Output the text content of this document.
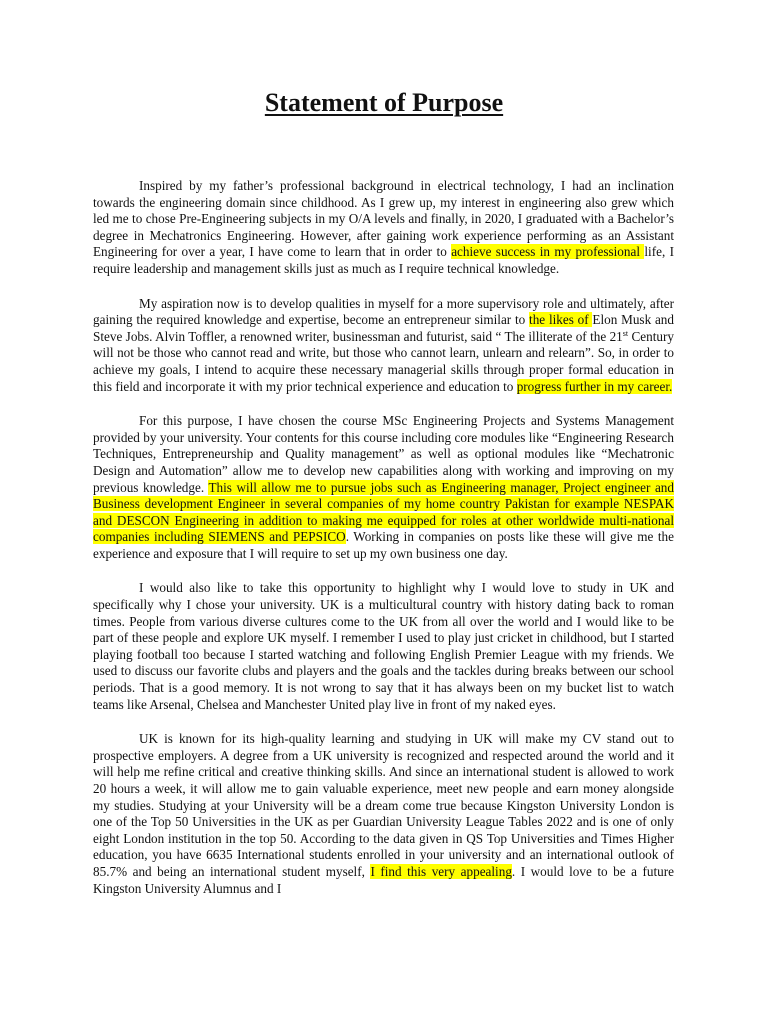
Statement of Purpose

Inspired by my father’s professional background in electrical technology, I had an inclination towards the engineering domain since childhood. As I grew up, my interest in engineering also grew which led me to chose Pre-Engineering subjects in my O/A levels and finally, in 2020, I graduated with a Bachelor’s degree in Mechatronics Engineering. However, after gaining work experience performing as an Assistant Engineering for over a year, I have come to learn that in order to achieve success in my professional life, I require leadership and management skills just as much as I require technical knowledge.

My aspiration now is to develop qualities in myself for a more supervisory role and ultimately, after gaining the required knowledge and expertise, become an entrepreneur similar to the likes of Elon Musk and Steve Jobs. Alvin Toffler, a renowned writer, businessman and futurist, said “ The illiterate of the 21st Century will not be those who cannot read and write, but those who cannot learn, unlearn and relearn”. So, in order to achieve my goals, I intend to acquire these necessary managerial skills through proper formal education in this field and incorporate it with my prior technical experience and education to progress further in my career.

For this purpose, I have chosen the course MSc Engineering Projects and Systems Management provided by your university. Your contents for this course including core modules like “Engineering Research Techniques, Entrepreneurship and Quality management” as well as optional modules like “Mechatronic Design and Automation” allow me to develop new capabilities along with working and improving on my previous knowledge. This will allow me to pursue jobs such as Engineering manager, Project engineer and Business development Engineer in several companies of my home country Pakistan for example NESPAK and DESCON Engineering in addition to making me equipped for roles at other worldwide multi-national companies including SIEMENS and PEPSICO. Working in companies on posts like these will give me the experience and exposure that I will require to set up my own business one day.

I would also like to take this opportunity to highlight why I would love to study in UK and specifically why I chose your university. UK is a multicultural country with history dating back to roman times. People from various diverse cultures come to the UK from all over the world and I would like to be part of these people and explore UK myself. I remember I used to play just cricket in childhood, but I started playing football too because I started watching and following English Premier League with my friends. We used to discuss our favorite clubs and players and the goals and the tackles during breaks between our school periods. That is a good memory. It is not wrong to say that it has always been on my bucket list to watch teams like Arsenal, Chelsea and Manchester United play live in front of my naked eyes.

UK is known for its high-quality learning and studying in UK will make my CV stand out to prospective employers. A degree from a UK university is recognized and respected around the world and it will help me refine critical and creative thinking skills. And since an international student is allowed to work 20 hours a week, it will allow me to gain valuable experience, meet new people and earn money alongside my studies. Studying at your University will be a dream come true because Kingston University London is one of the Top 50 Universities in the UK as per Guardian University League Tables 2022 and is one of only eight London institution in the top 50. According to the data given in QS Top Universities and Times Higher education, you have 6635 International students enrolled in your university and an international outlook of 85.7% and being an international student myself, I find this very appealing. I would love to be a future Kingston University Alumnus and I
